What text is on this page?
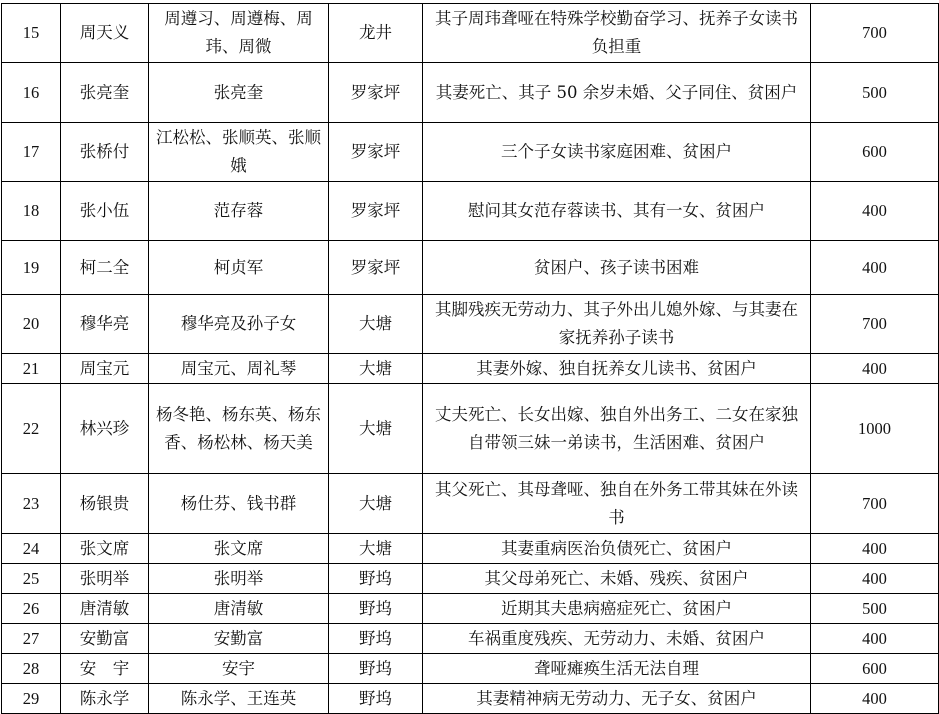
15	周天义	周遵习、周遵梅、周玮、周微	龙井	其子周玮聋哑在特殊学校勤奋学习、抚养子女读书负担重	700
16	张亮奎	张亮奎	罗家坪	其妻死亡、其子 50 余岁未婚、父子同住、贫困户	500
17	张桥付	江松松、张顺英、张顺娥	罗家坪	三个子女读书家庭困难、贫困户	600
18	张小伍	范存蓉	罗家坪	慰问其女范存蓉读书、其有一女、贫困户	400
19	柯二全	柯贞军	罗家坪	贫困户、孩子读书困难	400
20	穆华亮	穆华亮及孙子女	大塘	其脚残疾无劳动力、其子外出儿媳外嫁、与其妻在家抚养孙子读书	700
21	周宝元	周宝元、周礼琴	大塘	其妻外嫁、独自抚养女儿读书、贫困户	400
22	林兴珍	杨冬艳、杨东英、杨东香、杨松林、杨天美	大塘	丈夫死亡、长女出嫁、独自外出务工、二女在家独自带领三妹一弟读书，生活困难、贫困户	1000
23	杨银贵	杨仕芬、钱书群	大塘	其父死亡、其母聋哑、独自在外务工带其妹在外读书	700
24	张文席	张文席	大塘	其妻重病医治负债死亡、贫困户	400
25	张明举	张明举	野坞	其父母弟死亡、未婚、残疾、贫困户	400
26	唐清敏	唐清敏	野坞	近期其夫患病癌症死亡、贫困户	500
27	安勤富	安勤富	野坞	车祸重度残疾、无劳动力、未婚、贫困户	400
28	安　宇	安宇	野坞	聋哑瘫痪生活无法自理	600
29	陈永学	陈永学、王连英	野坞	其妻精神病无劳动力、无子女、贫困户	400
